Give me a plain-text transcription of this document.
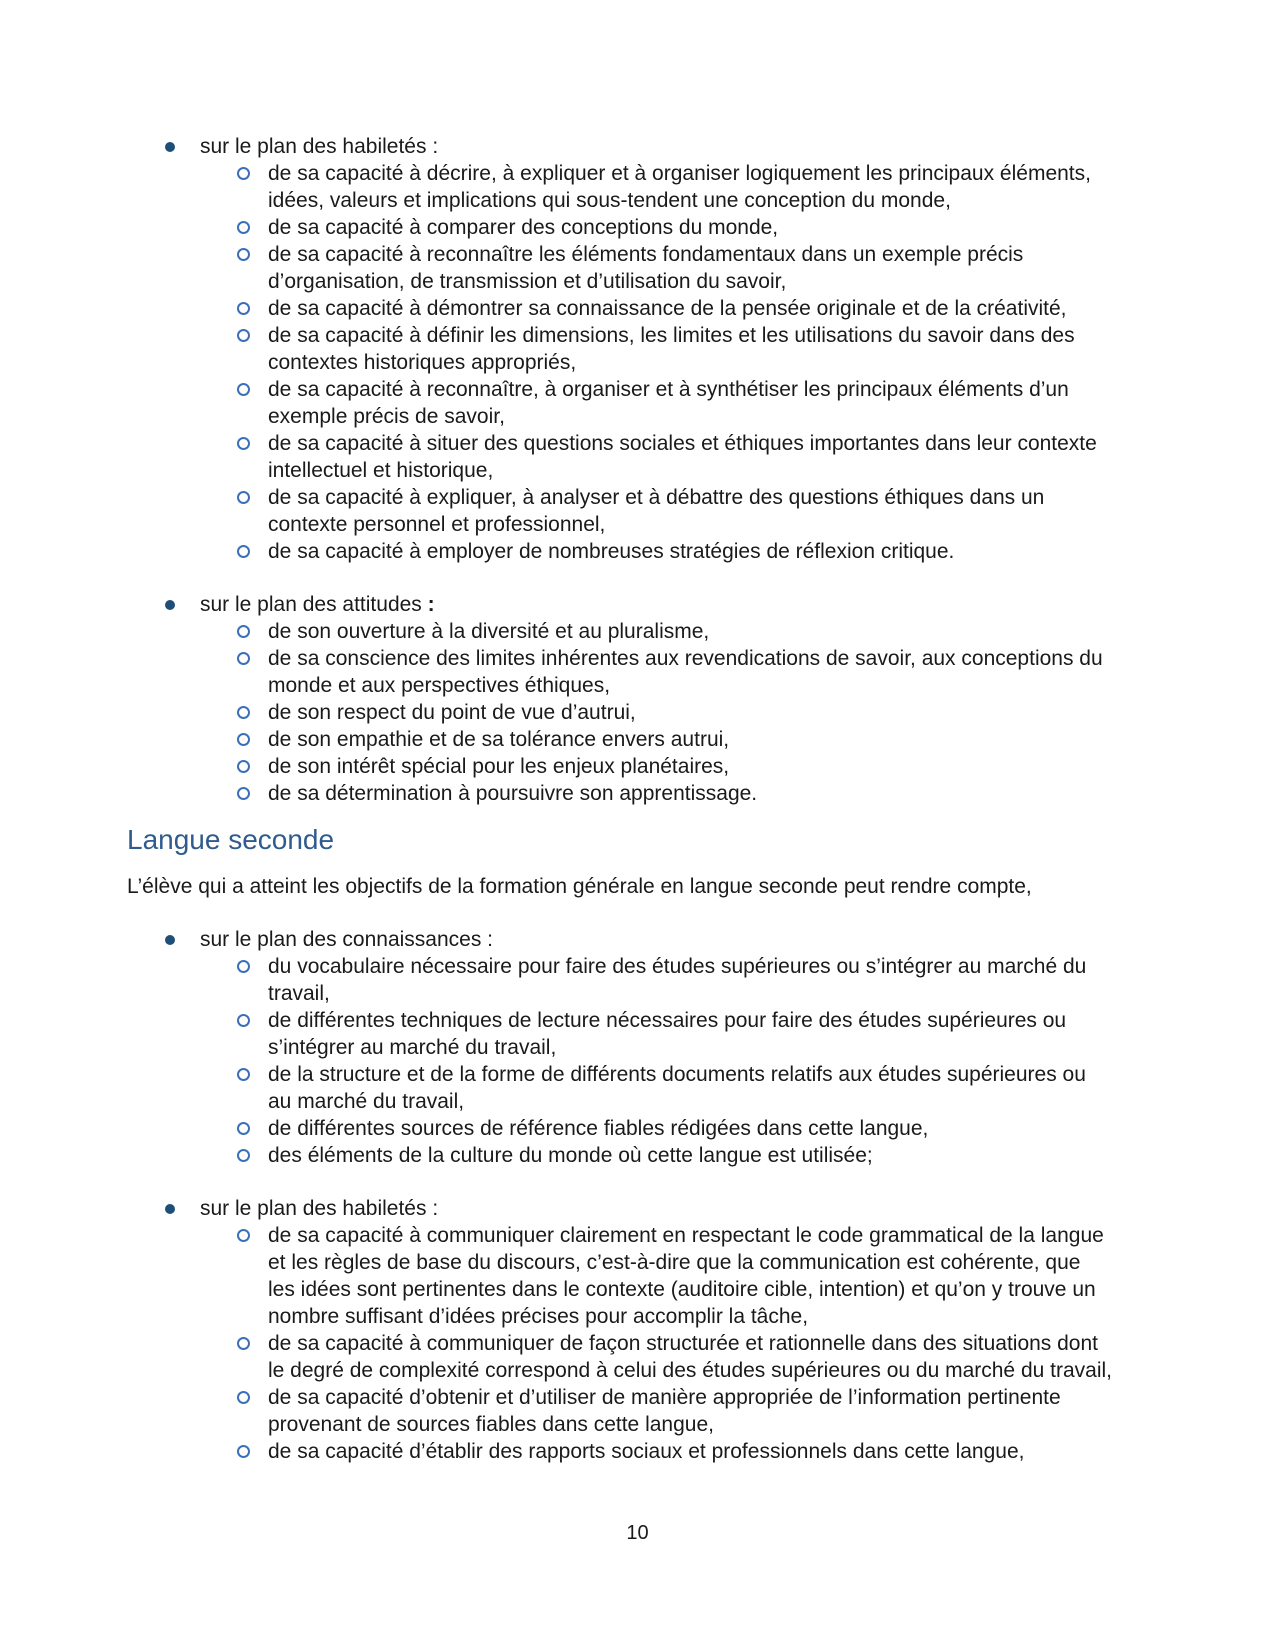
sur le plan des habiletés :
de sa capacité à décrire, à expliquer et à organiser logiquement les principaux éléments, idées, valeurs et implications qui sous-tendent une conception du monde,
de sa capacité à comparer des conceptions du monde,
de sa capacité à reconnaître les éléments fondamentaux dans un exemple précis d’organisation, de transmission et d’utilisation du savoir,
de sa capacité à démontrer sa connaissance de la pensée originale et de la créativité,
de sa capacité à définir les dimensions, les limites et les utilisations du savoir dans des contextes historiques appropriés,
de sa capacité à reconnaître, à organiser et à synthétiser les principaux éléments d’un exemple précis de savoir,
de sa capacité à situer des questions sociales et éthiques importantes dans leur contexte intellectuel et historique,
de sa capacité à expliquer, à analyser et à débattre des questions éthiques dans un contexte personnel et professionnel,
de sa capacité à employer de nombreuses stratégies de réflexion critique.
sur le plan des attitudes :
de son ouverture à la diversité et au pluralisme,
de sa conscience des limites inhérentes aux revendications de savoir, aux conceptions du monde et aux perspectives éthiques,
de son respect du point de vue d’autrui,
de son empathie et de sa tolérance envers autrui,
de son intérêt spécial pour les enjeux planétaires,
de sa détermination à poursuivre son apprentissage.
Langue seconde

L’élève qui a atteint les objectifs de la formation générale en langue seconde peut rendre compte,

sur le plan des connaissances :
du vocabulaire nécessaire pour faire des études supérieures ou s’intégrer au marché du travail,
de différentes techniques de lecture nécessaires pour faire des études supérieures ou s’intégrer au marché du travail,
de la structure et de la forme de différents documents relatifs aux études supérieures ou au marché du travail,
de différentes sources de référence fiables rédigées dans cette langue,
des éléments de la culture du monde où cette langue est utilisée;
sur le plan des habiletés :
de sa capacité à communiquer clairement en respectant le code grammatical de la langue et les règles de base du discours, c’est-à-dire que la communication est cohérente, que les idées sont pertinentes dans le contexte (auditoire cible, intention) et qu’on y trouve un nombre suffisant d’idées précises pour accomplir la tâche,
de sa capacité à communiquer de façon structurée et rationnelle dans des situations dont le degré de complexité correspond à celui des études supérieures ou du marché du travail,
de sa capacité d’obtenir et d’utiliser de manière appropriée de l’information pertinente provenant de sources fiables dans cette langue,
de sa capacité d’établir des rapports sociaux et professionnels dans cette langue,
10
